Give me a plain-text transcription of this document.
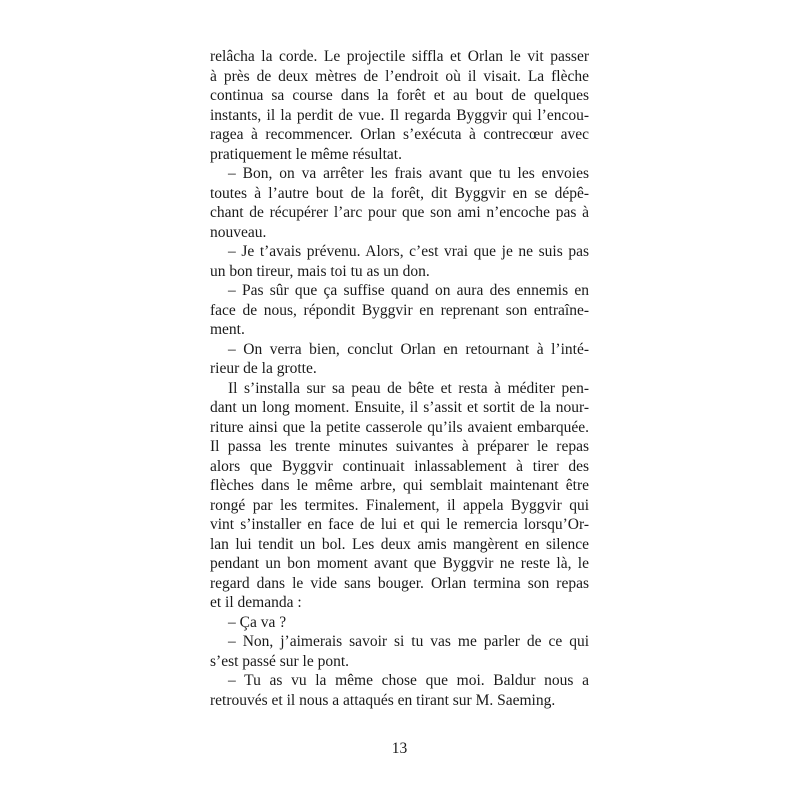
relâcha la corde. Le projectile siffla et Orlan le vit passer
à près de deux mètres de l’endroit où il visait. La flèche
continua sa course dans la forêt et au bout de quelques
instants, il la perdit de vue. Il regarda Byggvir qui l’encou-
ragea à recommencer. Orlan s’exécuta à contrecœur avec
pratiquement le même résultat.
– Bon, on va arrêter les frais avant que tu les envoies
toutes à l’autre bout de la forêt, dit Byggvir en se dépê-
chant de récupérer l’arc pour que son ami n’encoche pas à
nouveau.
– Je t’avais prévenu. Alors, c’est vrai que je ne suis pas
un bon tireur, mais toi tu as un don.
– Pas sûr que ça suffise quand on aura des ennemis en
face de nous, répondit Byggvir en reprenant son entraîne-
ment.
– On verra bien, conclut Orlan en retournant à l’inté-
rieur de la grotte.
Il s’installa sur sa peau de bête et resta à méditer pen-
dant un long moment. Ensuite, il s’assit et sortit de la nour-
riture ainsi que la petite casserole qu’ils avaient embarquée.
Il passa les trente minutes suivantes à préparer le repas
alors que Byggvir continuait inlassablement à tirer des
flèches dans le même arbre, qui semblait maintenant être
rongé par les termites. Finalement, il appela Byggvir qui
vint s’installer en face de lui et qui le remercia lorsqu’Or-
lan lui tendit un bol. Les deux amis mangèrent en silence
pendant un bon moment avant que Byggvir ne reste là, le
regard dans le vide sans bouger. Orlan termina son repas
et il demanda :
– Ça va ?
– Non, j’aimerais savoir si tu vas me parler de ce qui
s’est passé sur le pont.
– Tu as vu la même chose que moi. Baldur nous a
retrouvés et il nous a attaqués en tirant sur M. Saeming.
13
